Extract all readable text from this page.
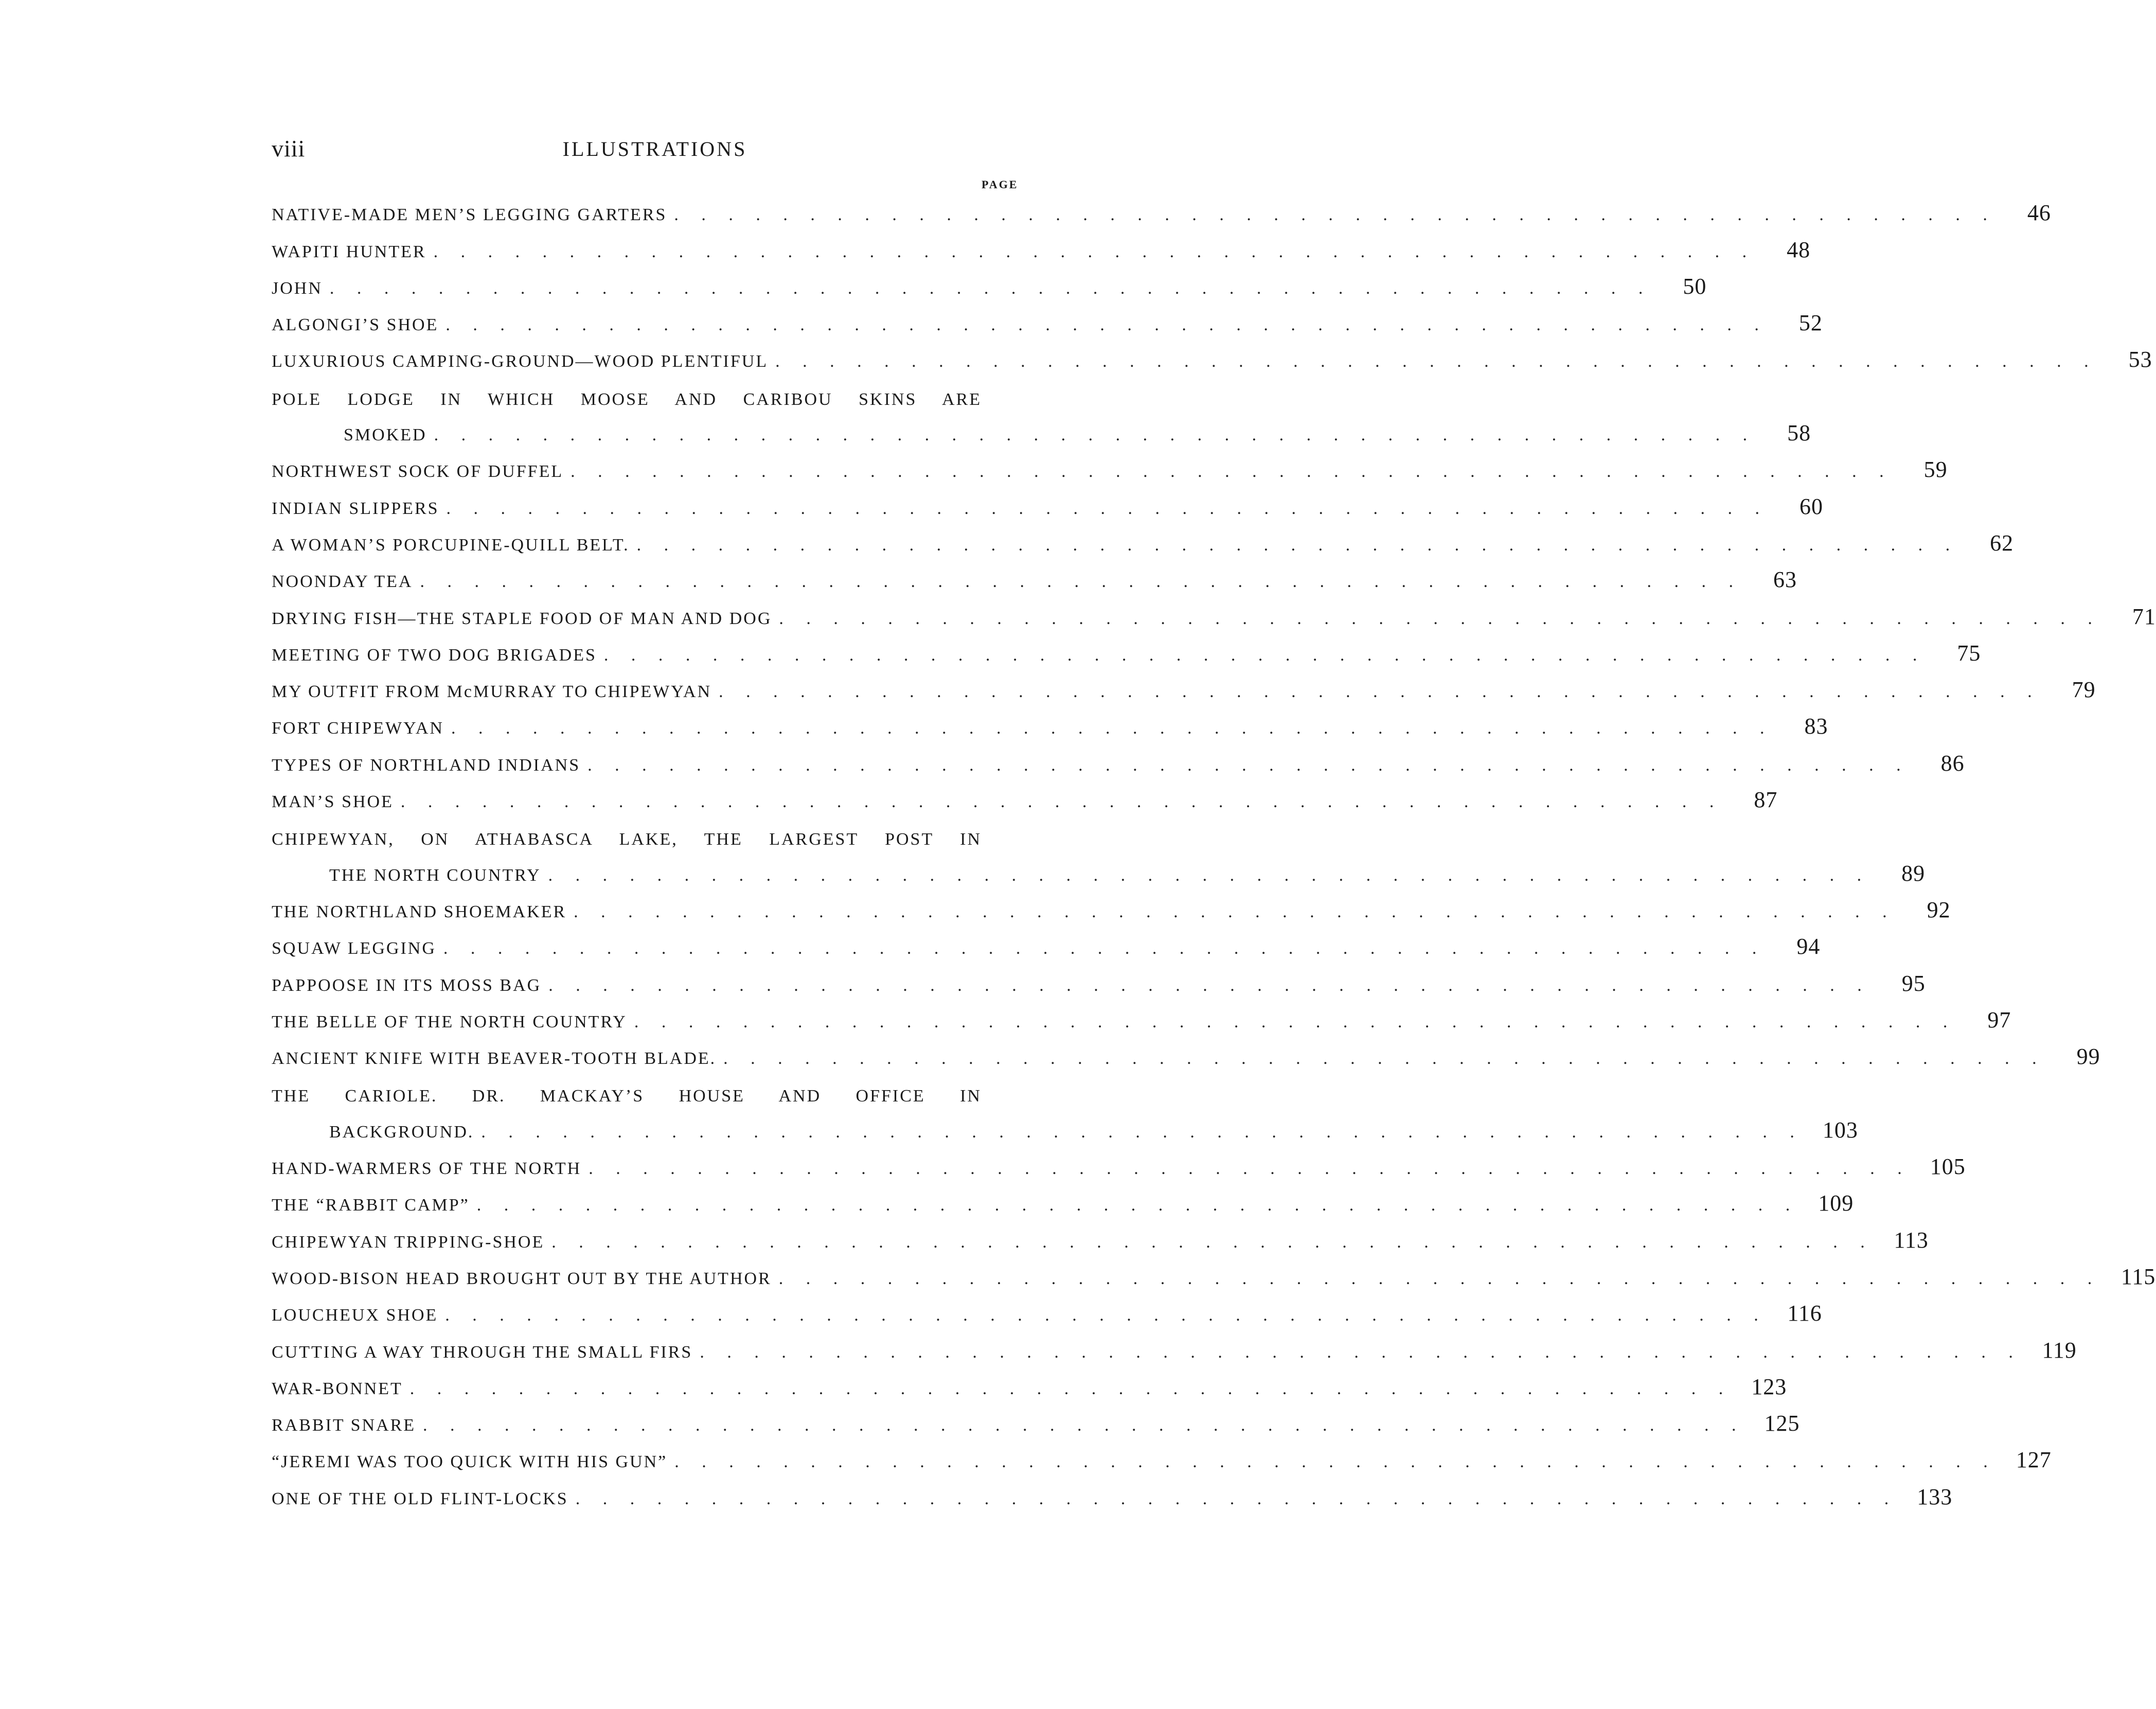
viii	ILLUSTRATIONS
PAGE
NATIVE-MADE MEN’S LEGGING GARTERS . . . . . . . . . . . . . . . . . . . . . . . . . . . . . . . . . . . . . . . . . . . . . . . . .	46
WAPITI HUNTER . . . . . . . . . . . . . . . . . . . . . . . . . . . . . . . . . . . . . . . . . . . . . . . . .	48
JOHN . . . . . . . . . . . . . . . . . . . . . . . . . . . . . . . . . . . . . . . . . . . . . . . . .	50
ALGONGI’S SHOE . . . . . . . . . . . . . . . . . . . . . . . . . . . . . . . . . . . . . . . . . . . . . . . . .	52
LUXURIOUS CAMPING-GROUND—WOOD PLENTIFUL . . . . . . . . . . . . . . . . . . . . . . . . . . . . . . . . . . . . . . . . . . . . . . . . .	53
POLE LODGE IN WHICH MOOSE AND CARIBOU SKINS ARE
SMOKED . . . . . . . . . . . . . . . . . . . . . . . . . . . . . . . . . . . . . . . . . . . . . . . . .	58
NORTHWEST SOCK OF DUFFEL . . . . . . . . . . . . . . . . . . . . . . . . . . . . . . . . . . . . . . . . . . . . . . . . .	59
INDIAN SLIPPERS . . . . . . . . . . . . . . . . . . . . . . . . . . . . . . . . . . . . . . . . . . . . . . . . .	60
A WOMAN’S PORCUPINE-QUILL BELT. . . . . . . . . . . . . . . . . . . . . . . . . . . . . . . . . . . . . . . . . . . . . . . . . .	62
NOONDAY TEA . . . . . . . . . . . . . . . . . . . . . . . . . . . . . . . . . . . . . . . . . . . . . . . . .	63
DRYING FISH—THE STAPLE FOOD OF MAN AND DOG . . . . . . . . . . . . . . . . . . . . . . . . . . . . . . . . . . . . . . . . . . . . . . . . .	71
MEETING OF TWO DOG BRIGADES . . . . . . . . . . . . . . . . . . . . . . . . . . . . . . . . . . . . . . . . . . . . . . . . .	75
MY OUTFIT FROM McMURRAY TO CHIPEWYAN . . . . . . . . . . . . . . . . . . . . . . . . . . . . . . . . . . . . . . . . . . . . . . . . .	79
FORT CHIPEWYAN . . . . . . . . . . . . . . . . . . . . . . . . . . . . . . . . . . . . . . . . . . . . . . . . .	83
TYPES OF NORTHLAND INDIANS . . . . . . . . . . . . . . . . . . . . . . . . . . . . . . . . . . . . . . . . . . . . . . . . .	86
MAN’S SHOE . . . . . . . . . . . . . . . . . . . . . . . . . . . . . . . . . . . . . . . . . . . . . . . . .	87
CHIPEWYAN, ON ATHABASCA LAKE, THE LARGEST POST IN
THE NORTH COUNTRY . . . . . . . . . . . . . . . . . . . . . . . . . . . . . . . . . . . . . . . . . . . . . . . . .	89
THE NORTHLAND SHOEMAKER . . . . . . . . . . . . . . . . . . . . . . . . . . . . . . . . . . . . . . . . . . . . . . . . .	92
SQUAW LEGGING . . . . . . . . . . . . . . . . . . . . . . . . . . . . . . . . . . . . . . . . . . . . . . . . .	94
PAPPOOSE IN ITS MOSS BAG . . . . . . . . . . . . . . . . . . . . . . . . . . . . . . . . . . . . . . . . . . . . . . . . .	95
THE BELLE OF THE NORTH COUNTRY . . . . . . . . . . . . . . . . . . . . . . . . . . . . . . . . . . . . . . . . . . . . . . . . .	97
ANCIENT KNIFE WITH BEAVER-TOOTH BLADE. . . . . . . . . . . . . . . . . . . . . . . . . . . . . . . . . . . . . . . . . . . . . . . . . .	99
THE CARIOLE. DR. MACKAY’S HOUSE AND OFFICE IN
BACKGROUND. . . . . . . . . . . . . . . . . . . . . . . . . . . . . . . . . . . . . . . . . . . . . . . . . . 103
HAND-WARMERS OF THE NORTH . . . . . . . . . . . . . . . . . . . . . . . . . . . . . . . . . . . . . . . . . . . . . . . . . 105
THE “RABBIT CAMP” . . . . . . . . . . . . . . . . . . . . . . . . . . . . . . . . . . . . . . . . . . . . . . . . . 109
CHIPEWYAN TRIPPING-SHOE . . . . . . . . . . . . . . . . . . . . . . . . . . . . . . . . . . . . . . . . . . . . . . . . . 113
WOOD-BISON HEAD BROUGHT OUT BY THE AUTHOR . . . . . . . . . . . . . . . . . . . . . . . . . . . . . . . . . . . . . . . . . . . . . . . . . 115
LOUCHEUX SHOE . . . . . . . . . . . . . . . . . . . . . . . . . . . . . . . . . . . . . . . . . . . . . . . . . 116
CUTTING A WAY THROUGH THE SMALL FIRS . . . . . . . . . . . . . . . . . . . . . . . . . . . . . . . . . . . . . . . . . . . . . . . . . 119
WAR-BONNET . . . . . . . . . . . . . . . . . . . . . . . . . . . . . . . . . . . . . . . . . . . . . . . . . 123
RABBIT SNARE . . . . . . . . . . . . . . . . . . . . . . . . . . . . . . . . . . . . . . . . . . . . . . . . . 125
“JEREMI WAS TOO QUICK WITH HIS GUN” . . . . . . . . . . . . . . . . . . . . . . . . . . . . . . . . . . . . . . . . . . . . . . . . . 127
ONE OF THE OLD FLINT-LOCKS . . . . . . . . . . . . . . . . . . . . . . . . . . . . . . . . . . . . . . . . . . . . . . . . . 133
